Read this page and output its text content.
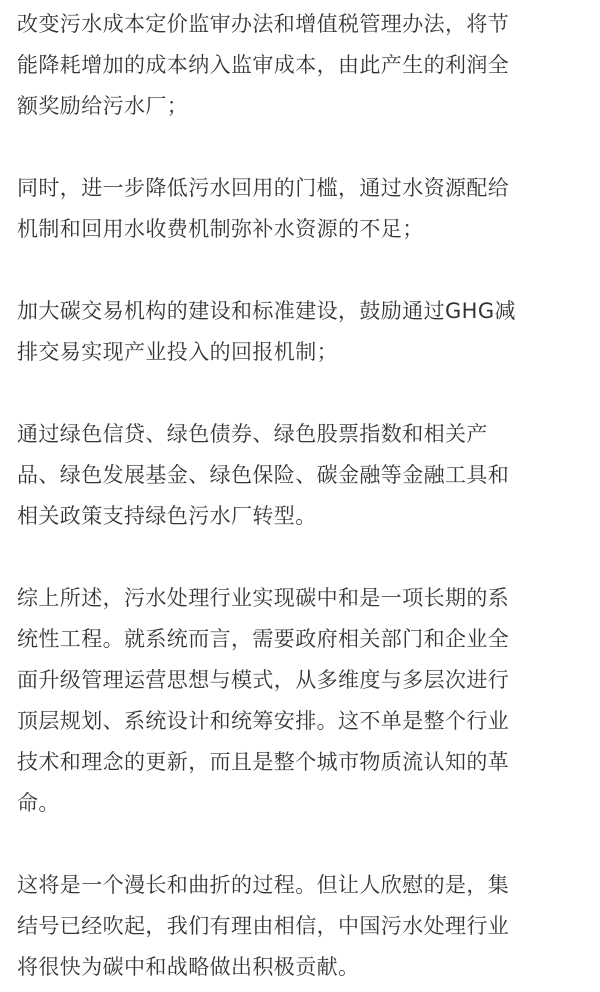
改变污水成本定价监审办法和增值税管理办法，将节
能降耗增加的成本纳入监审成本，由此产生的利润全
额奖励给污水厂；

同时，进一步降低污水回用的门槛，通过水资源配给
机制和回用水收费机制弥补水资源的不足；

加大碳交易机构的建设和标准建设，鼓励通过GHG减
排交易实现产业投入的回报机制；

通过绿色信贷、绿色债券、绿色股票指数和相关产
品、绿色发展基金、绿色保险、碳金融等金融工具和
相关政策支持绿色污水厂转型。

综上所述，污水处理行业实现碳中和是一项长期的系
统性工程。就系统而言，需要政府相关部门和企业全
面升级管理运营思想与模式，从多维度与多层次进行
顶层规划、系统设计和统筹安排。这不单是整个行业
技术和理念的更新，而且是整个城市物质流认知的革
命。

这将是一个漫长和曲折的过程。但让人欣慰的是，集
结号已经吹起，我们有理由相信，中国污水处理行业
将很快为碳中和战略做出积极贡献。
